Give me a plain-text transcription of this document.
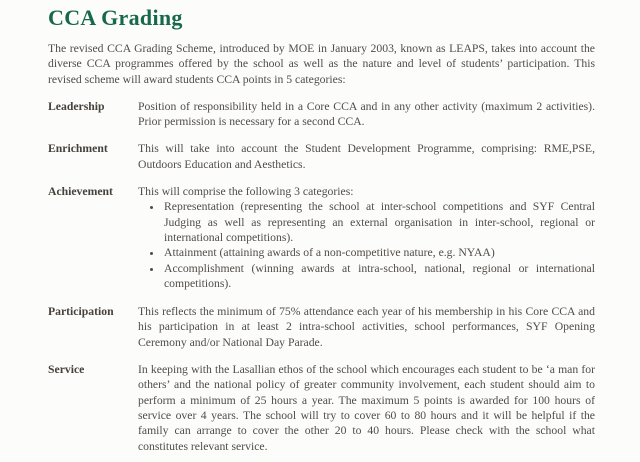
CCA Grading

The revised CCA Grading Scheme, introduced by MOE in January 2003, known as LEAPS, takes into account the diverse CCA programmes offered by the school as well as the nature and level of students’ participation. This revised scheme will award students CCA points in 5 categories:

Leadership	Position of responsibility held in a Core CCA and in any other activity (maximum 2 activities). Prior permission is necessary for a second CCA.
Enrichment	This will take into account the Student Development Programme, comprising: RME,PSE, Outdoors Education and Aesthetics.
Achievement	This will comprise the following 3 categories:

• Representation (representing the school at inter-school competitions and SYF Central Judging as well as representing an external organisation in inter-school, regional or international competitions).
• Attainment (attaining awards of a non-competitive nature, e.g. NYAA)
• Accomplishment (winning awards at intra-school, national, regional or international competitions).
Participation	This reflects the minimum of 75% attendance each year of his membership in his Core CCA and his participation in at least 2 intra-school activities, school performances, SYF Opening Ceremony and/or National Day Parade.
Service	In keeping with the Lasallian ethos of the school which encourages each student to be ‘a man for others’ and the national policy of greater community involvement, each student should aim to perform a minimum of 25 hours a year. The maximum 5 points is awarded for 100 hours of service over 4 years. The school will try to cover 60 to 80 hours and it will be helpful if the family can arrange to cover the other 20 to 40 hours. Please check with the school what constitutes relevant service.
